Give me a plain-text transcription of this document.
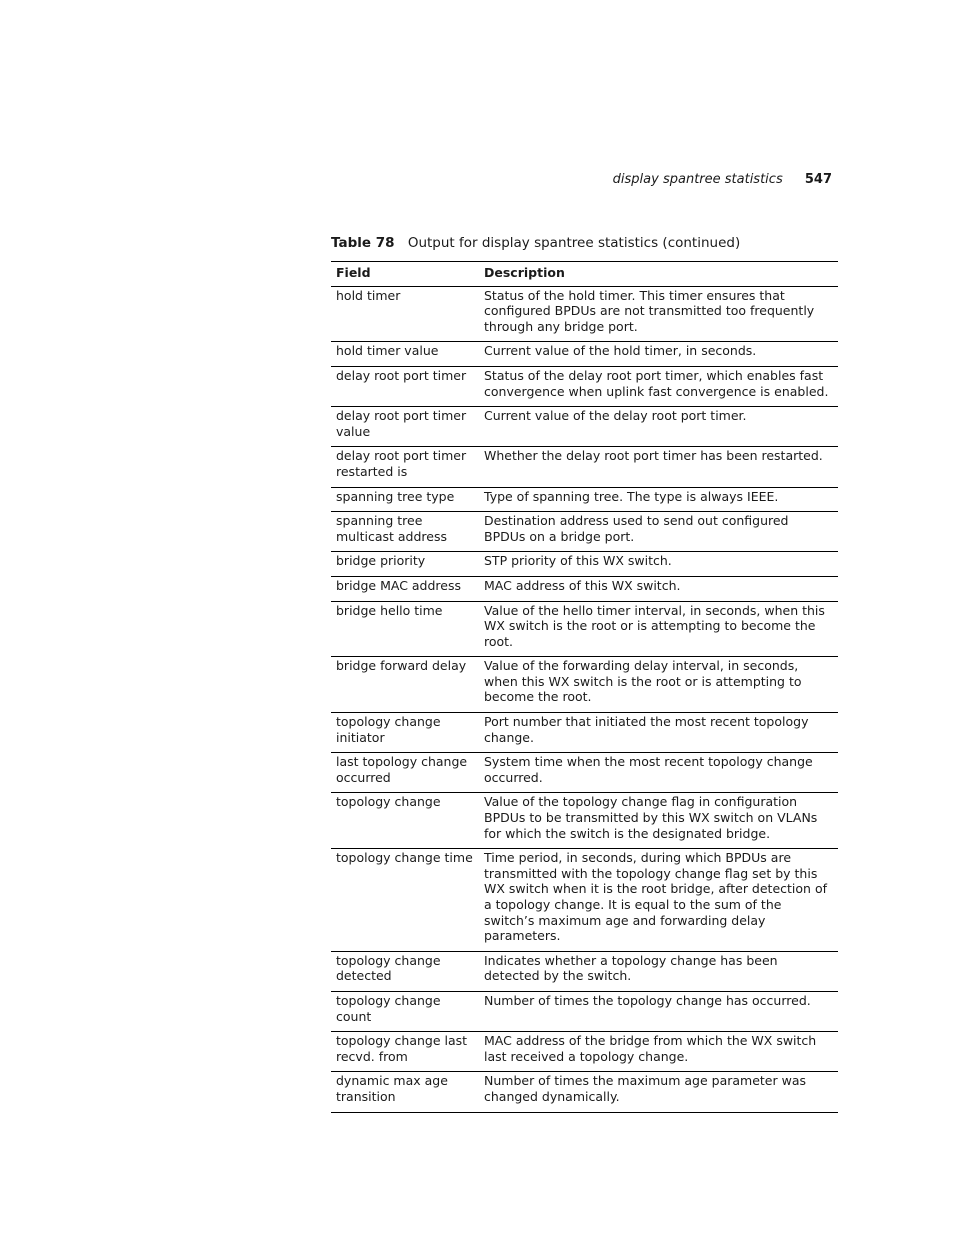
display spantree statistics 547
Table 78 Output for display spantree statistics (continued)
Field	Description
hold timer	Status of the hold timer. This timer ensures that configured BPDUs are not transmitted too frequently through any bridge port.
hold timer value	Current value of the hold timer, in seconds.
delay root port timer	Status of the delay root port timer, which enables fast convergence when uplink fast convergence is enabled.
delay root port timer value	Current value of the delay root port timer.
delay root port timer restarted is	Whether the delay root port timer has been restarted.
spanning tree type	Type of spanning tree. The type is always IEEE.
spanning tree multicast address	Destination address used to send out configured BPDUs on a bridge port.
bridge priority	STP priority of this WX switch.
bridge MAC address	MAC address of this WX switch.
bridge hello time	Value of the hello timer interval, in seconds, when this WX switch is the root or is attempting to become the root.
bridge forward delay	Value of the forwarding delay interval, in seconds, when this WX switch is the root or is attempting to become the root.
topology change initiator	Port number that initiated the most recent topology change.
last topology change occurred	System time when the most recent topology change occurred.
topology change	Value of the topology change flag in configuration BPDUs to be transmitted by this WX switch on VLANs for which the switch is the designated bridge.
topology change time	Time period, in seconds, during which BPDUs are transmitted with the topology change flag set by this WX switch when it is the root bridge, after detection of a topology change. It is equal to the sum of the switch’s maximum age and forwarding delay parameters.
topology change detected	Indicates whether a topology change has been detected by the switch.
topology change count	Number of times the topology change has occurred.
topology change last recvd. from	MAC address of the bridge from which the WX switch last received a topology change.
dynamic max age transition	Number of times the maximum age parameter was changed dynamically.
